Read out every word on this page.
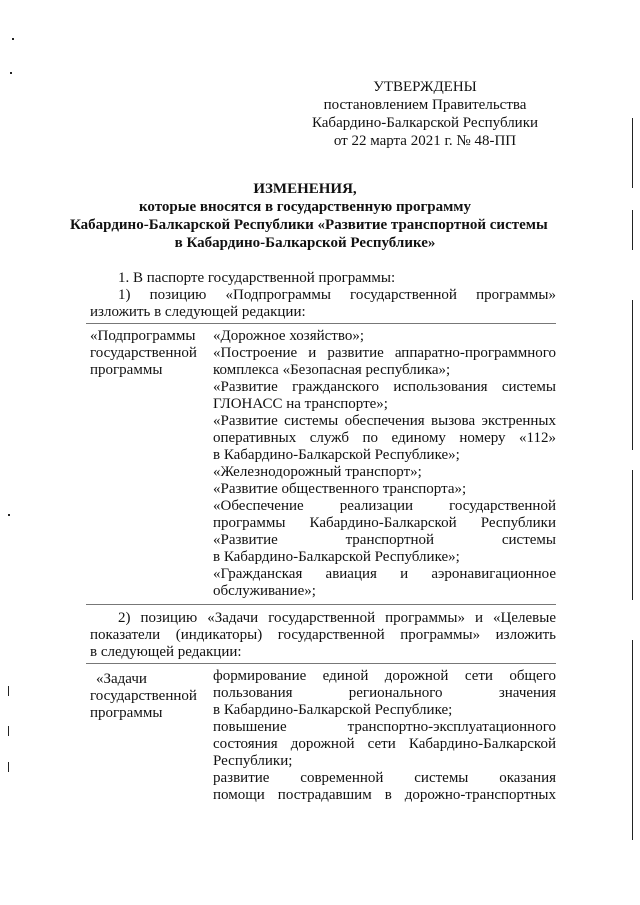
УТВЕРЖДЕНЫ
постановлением Правительства
Кабардино-Балкарской Республики
от 22 марта 2021 г. № 48-ПП
ИЗМЕНЕНИЯ,
которые вносятся в государственную программу
Кабардино-Балкарской Республики «Развитие транспортной системы
в Кабардино-Балкарской Республике»
1. В паспорте государственной программы:
1) позицию «Подпрограммы государственной программы»
изложить в следующей редакции:
«Подпрограммы
государственной
программы
«Дорожное хозяйство»;
«Построение и развитие аппаратно-программного
комплекса «Безопасная республика»;
«Развитие гражданского использования системы
ГЛОНАСС на транспорте»;
«Развитие системы обеспечения вызова экстренных
оперативных служб по единому номеру «112»
в Кабардино-Балкарской Республике»;
«Железнодорожный транспорт»;
«Развитие общественного транспорта»;
«Обеспечение реализации государственной
программы Кабардино-Балкарской Республики
«Развитие транспортной системы
в Кабардино-Балкарской Республике»;
«Гражданская авиация и аэронавигационное
обслуживание»;
2) позицию «Задачи государственной программы» и «Целевые
показатели (индикаторы) государственной программы» изложить
в следующей редакции:
«Задачи
государственной
программы
формирование единой дорожной сети общего
пользования регионального значения
в Кабардино-Балкарской Республике;
повышение транспортно-эксплуатационного
состояния дорожной сети Кабардино-Балкарской
Республики;
развитие современной системы оказания
помощи пострадавшим в дорожно-транспортных
